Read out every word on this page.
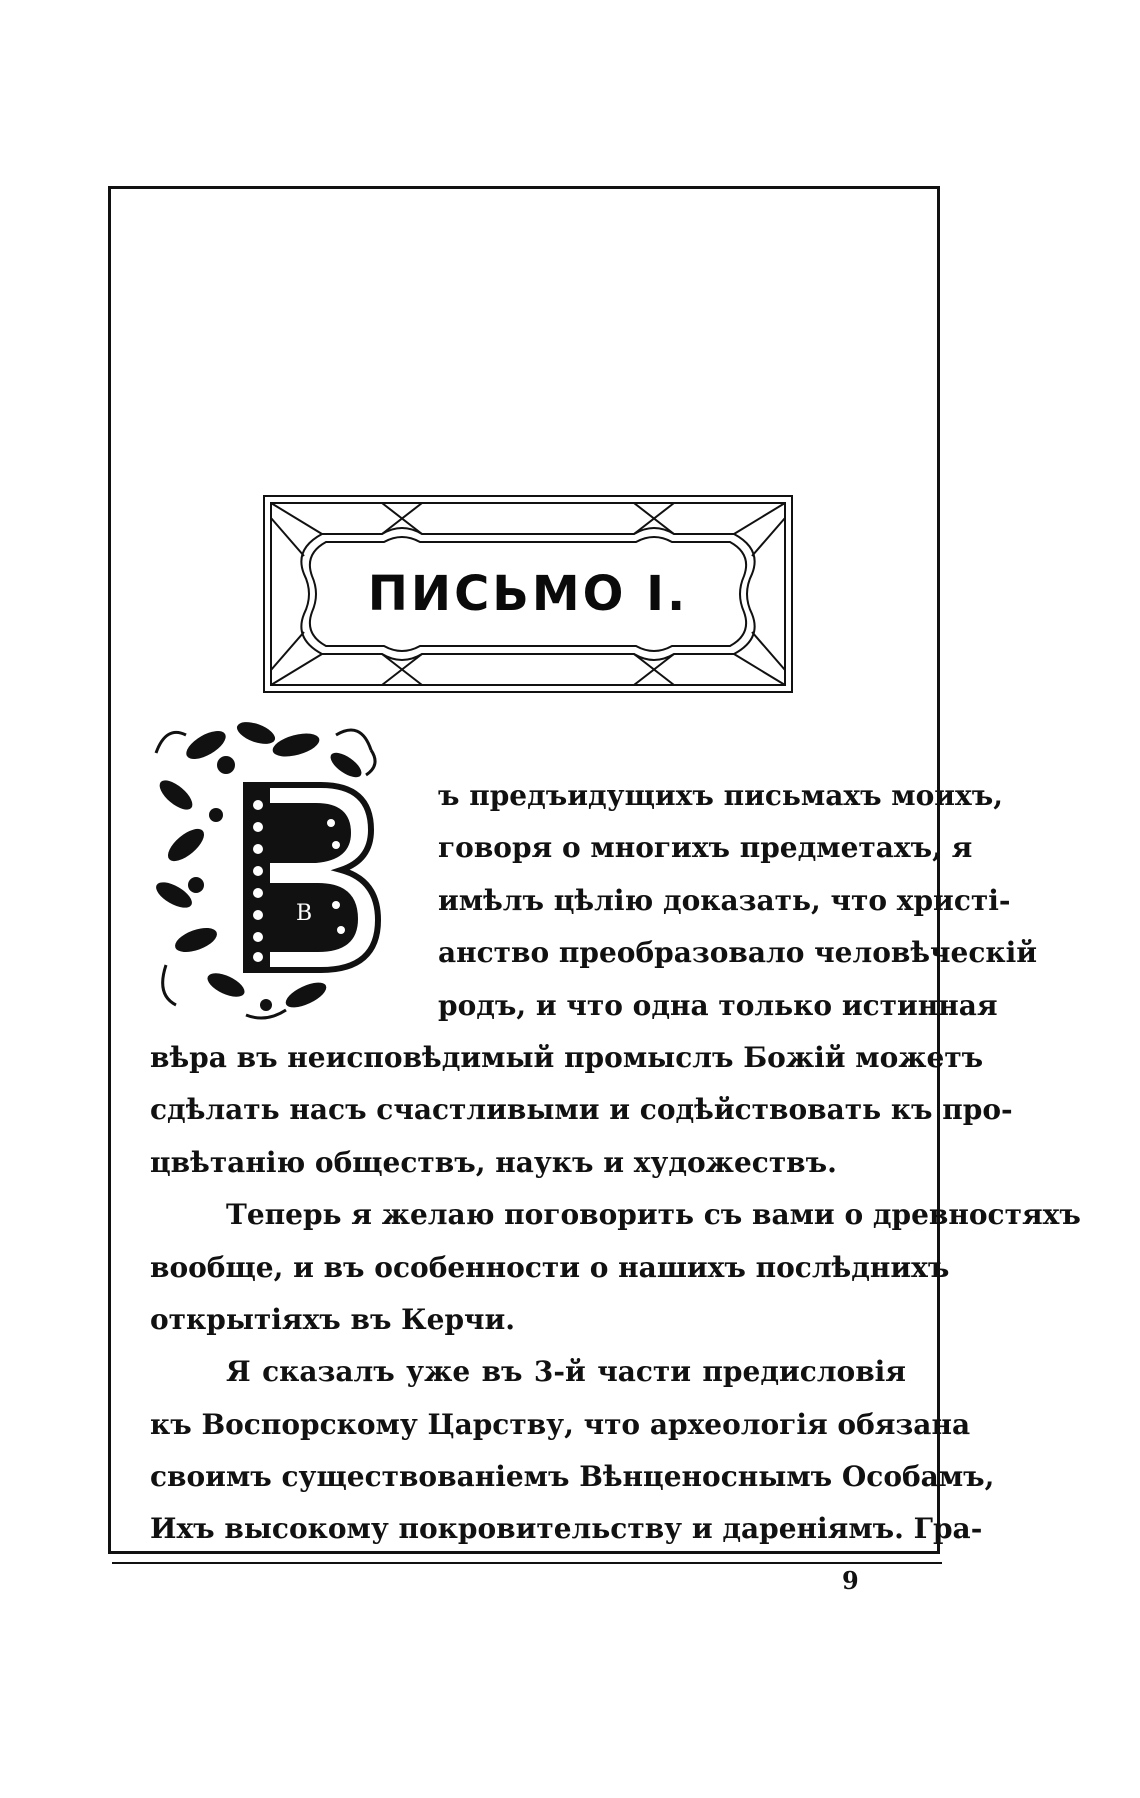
ПИСЬМО I.
В
ъ предъидущихъ письмахъ моихъ,
говоря о многихъ предметахъ, я
имѣлъ цѣлію доказать, что христі-
анство преобразовало человѣческій
родъ, и что одна только истинная
вѣра въ неисповѣдимый промыслъ Божій можетъ
сдѣлать насъ счастливыми и содѣйствовать къ про-
цвѣтанію обществъ, наукъ и художествъ.
Теперь я желаю поговорить съ вами о древностяхъ
вообще, и въ особенности о нашихъ послѣднихъ
открытіяхъ въ Керчи.
Я сказалъ уже въ 3-й части предисловія
къ Воспорскому Царству, что археологія обязана
своимъ существованіемъ Вѣнценоснымъ Особамъ,
Ихъ высокому покровительству и дареніямъ. Гра-
9
